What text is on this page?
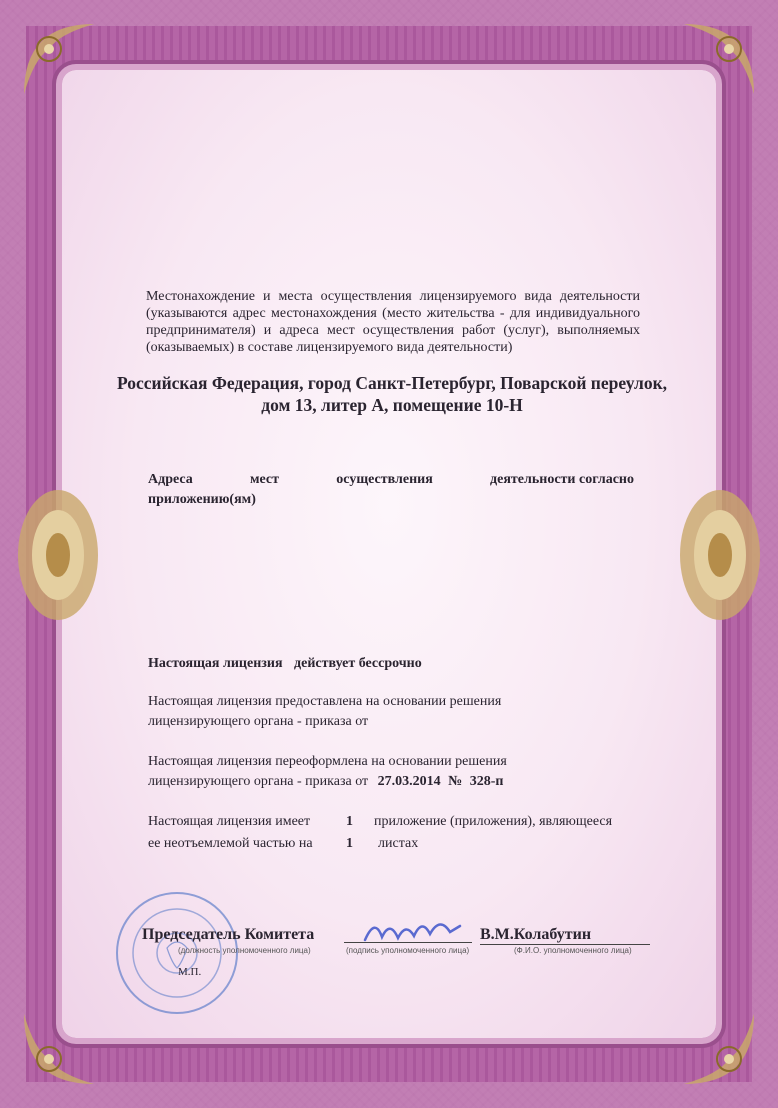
Местонахождение и места осуществления лицензируемого вида деятельности (указываются адрес местонахождения (место жительства - для индивидуального предпринимателя) и адреса мест осуществления работ (услуг), выполняемых (оказываемых) в составе лицензируемого вида деятельности)
Российская Федерация, город Санкт-Петербург, Поварской переулок,
дом 13, литер А, помещение 10-Н
Адреса	мест	осуществления	деятельности согласно
приложению(ям)
Настоящая лицензия действует бессрочно
Настоящая лицензия предоставлена на основании решения
лицензирующего органа - приказа от
Настоящая лицензия переоформлена на основании решения
лицензирующего органа - приказа от 27.03.2014 № 328-п
Настоящая лицензия имеет	1 приложение (приложения), являющееся
ее неотъемлемой частью на 1 листах
Председатель Комитета	В.М.Колабутин
(должность уполномоченного лица)	(подпись уполномоченного лица)	(Ф.И.О. уполномоченного лица)
М.П.
